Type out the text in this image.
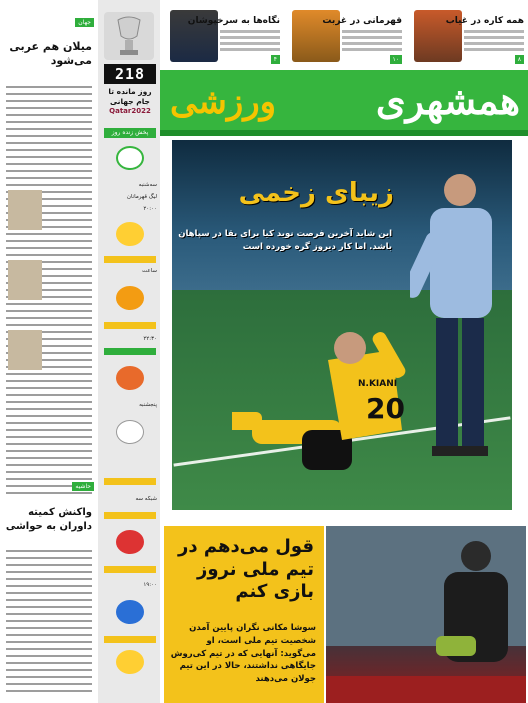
جهان
میلان هم عربی می‌شود
حاشیه
واکنش کمیته داوران به حواشی
218
روز مانده تا جام جهانی
Qatar2022
پخش زنده روز
سه‌شنبه
لیگ قهرمانان
۲۰:۰۰
ساعت
۲۲:۳۰
پنجشنبه
شبکه سه
۱۹:۰۰
همه کاره در غیاب
۸
قهرمانی در غربت
۱۰
نگاه‌ها به سرخپوشان
۴
همشهری
ورزشی
N.KIANI
20
زیبای زخمی
این شاید آخرین فرصت نوید کیا برای بقا در سپاهان باشد. اما کار دیروز گره خورده است
قول می‌دهم در تیم ملی نروز بازی کنم
سوشا مکانی نگران پایین آمدن شخصیت تیم ملی است، او می‌گوید: آنهایی که در تیم کی‌روش جایگاهی نداشتند، حالا در این تیم جولان می‌دهند
